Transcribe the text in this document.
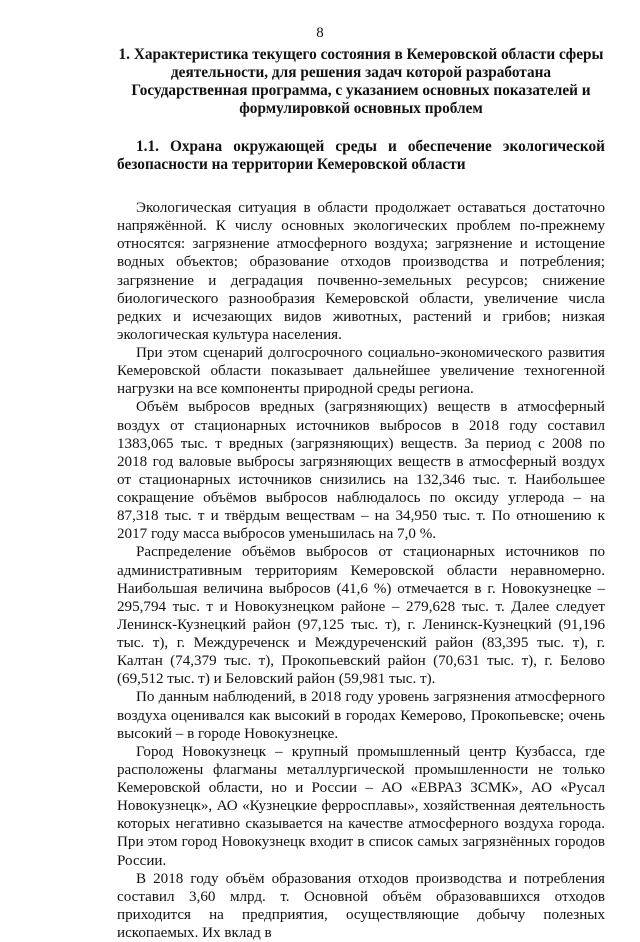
8
1. Характеристика текущего состояния в Кемеровской области сферы деятельности, для решения задач которой разработана Государственная программа, с указанием основных показателей и формулировкой основных проблем
1.1. Охрана окружающей среды и обеспечение экологической безопасности на территории Кемеровской области

Экологическая ситуация в области продолжает оставаться достаточно напряжённой. К числу основных экологических проблем по-прежнему относятся: загрязнение атмосферного воздуха; загрязнение и истощение водных объектов; образование отходов производства и потребления; загрязнение и деградация почвенно-земельных ресурсов; снижение биологического разнообразия Кемеровской области, увеличение числа редких и исчезающих видов животных, растений и грибов; низкая экологическая культура населения.

При этом сценарий долгосрочного социально-экономического развития Кемеровской области показывает дальнейшее увеличение техногенной нагрузки на все компоненты природной среды региона.

Объём выбросов вредных (загрязняющих) веществ в атмосферный воздух от стационарных источников выбросов в 2018 году составил 1383,065 тыс. т вредных (загрязняющих) веществ. За период с 2008 по 2018 год валовые выбросы загрязняющих веществ в атмосферный воздух от стационарных источников снизились на 132,346 тыс. т. Наибольшее сокращение объёмов выбросов наблюдалось по оксиду углерода – на 87,318 тыс. т и твёрдым веществам – на 34,950 тыс. т. По отношению к 2017 году масса выбросов уменьшилась на 7,0 %.

Распределение объёмов выбросов от стационарных источников по административным территориям Кемеровской области неравномерно. Наибольшая величина выбросов (41,6 %) отмечается в г. Новокузнецке – 295,794 тыс. т и Новокузнецком районе – 279,628 тыс. т. Далее следует Ленинск-Кузнецкий район (97,125 тыс. т), г. Ленинск-Кузнецкий (91,196 тыс. т), г. Междуреченск и Междуреченский район (83,395 тыс. т), г. Калтан (74,379 тыс. т), Прокопьевский район (70,631 тыс. т), г. Белово (69,512 тыс. т) и Беловский район (59,981 тыс. т).

По данным наблюдений, в 2018 году уровень загрязнения атмосферного воздуха оценивался как высокий в городах Кемерово, Прокопьевске; очень высокий – в городе Новокузнецке.

Город Новокузнецк – крупный промышленный центр Кузбасса, где расположены флагманы металлургической промышленности не только Кемеровской области, но и России – АО «ЕВРАЗ ЗСМК», АО «Русал Новокузнецк», АО «Кузнецкие ферросплавы», хозяйственная деятельность которых негативно сказывается на качестве атмосферного воздуха города. При этом город Новокузнецк входит в список самых загрязнённых городов России.

В 2018 году объём образования отходов производства и потребления составил 3,60 млрд. т. Основной объём образовавшихся отходов приходится на предприятия, осуществляющие добычу полезных ископаемых. Их вклад в
